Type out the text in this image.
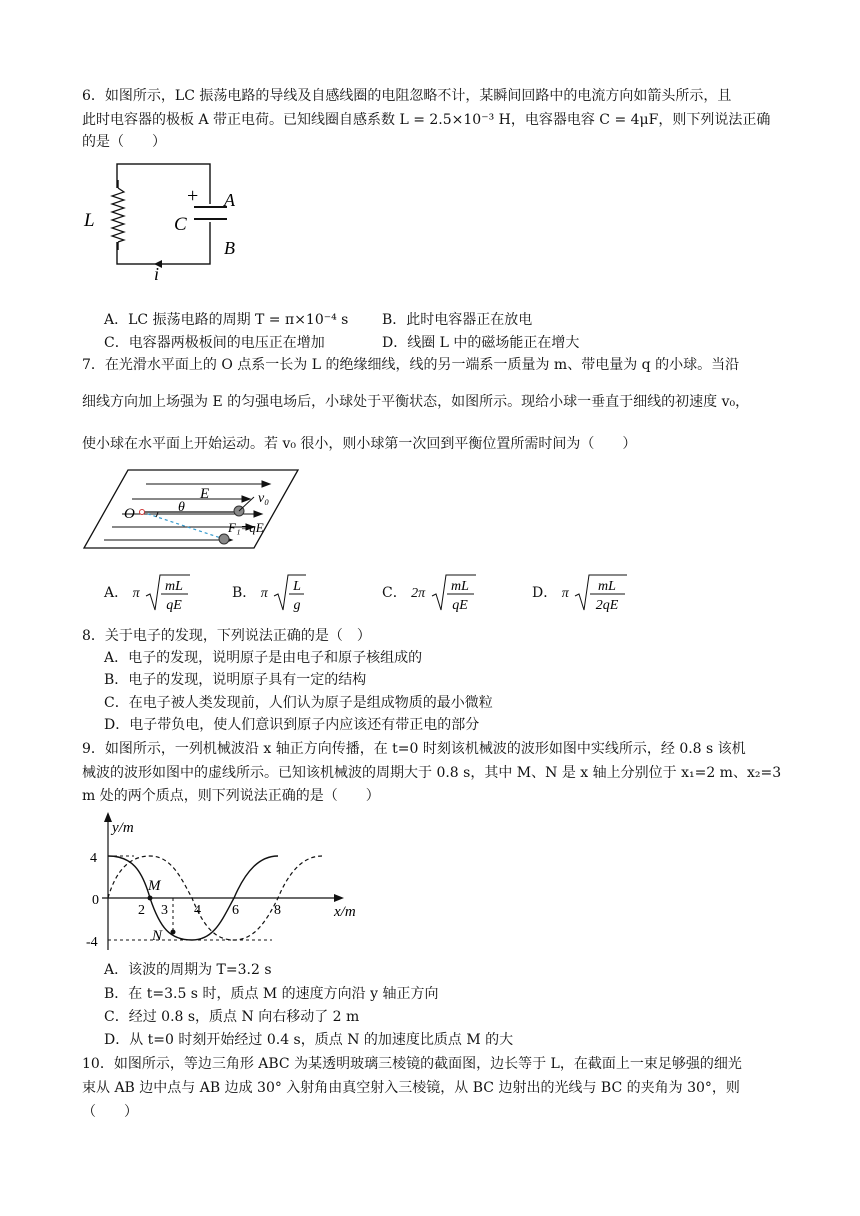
6．如图所示，LC 振荡电路的导线及自感线圈的电阻忽略不计，某瞬间回路中的电流方向如箭头所示，且
此时电容器的极板 A 带正电荷。已知线圈自感系数 L = 2.5×10⁻³ H，电容器电容 C = 4μF，则下列说法正确
的是（　　）
L	C
+ A
B
i
A．LC 振荡电路的周期 T = π×10⁻⁴ s B．此时电容器正在放电
C．电容器两极板间的电压正在增加	D．线圈 L 中的磁场能正在增大
7．在光滑水平面上的 O 点系一长为 L 的绝缘细线，线的另一端系一质量为 m、带电量为 q 的小球。当沿
细线方向加上场强为 E 的匀强电场后，小球处于平衡状态，如图所示。现给小球一垂直于细线的初速度 v₀，
使小球在水平面上开始运动。若 v₀ 很小，则小球第一次回到平衡位置所需时间为（　　）
E	v₀
O	θ
F₁=qE
A． π mL
qE
B． π L
g
C． 2π mL
qE
D． π mL
2qE
8．关于电子的发现，下列说法正确的是（　）
A．电子的发现，说明原子是由电子和原子核组成的
B．电子的发现，说明原子具有一定的结构
C．在电子被人类发现前，人们认为原子是组成物质的最小微粒
D．电子带负电，使人们意识到原子内应该还有带正电的部分
9．如图所示，一列机械波沿 x 轴正方向传播，在 t=0 时刻该机械波的波形如图中实线所示，经 0.8 s 该机
械波的波形如图中的虚线所示。已知该机械波的周期大于 0.8 s，其中 M、N 是 x 轴上分别位于 x₁=2 m、x₂=3
m 处的两个质点，则下列说法正确的是（　　）
y/m
x/m
4
0
-4
2 3 4 6	8
M
N
A．该波的周期为 T=3.2 s
B．在 t=3.5 s 时，质点 M 的速度方向沿 y 轴正方向
C．经过 0.8 s，质点 N 向右移动了 2 m
D．从 t=0 时刻开始经过 0.4 s，质点 N 的加速度比质点 M 的大
10．如图所示，等边三角形 ABC 为某透明玻璃三棱镜的截面图，边长等于 L，在截面上一束足够强的细光
束从 AB 边中点与 AB 边成 30° 入射角由真空射入三棱镜，从 BC 边射出的光线与 BC 的夹角为 30°，则（　　）
